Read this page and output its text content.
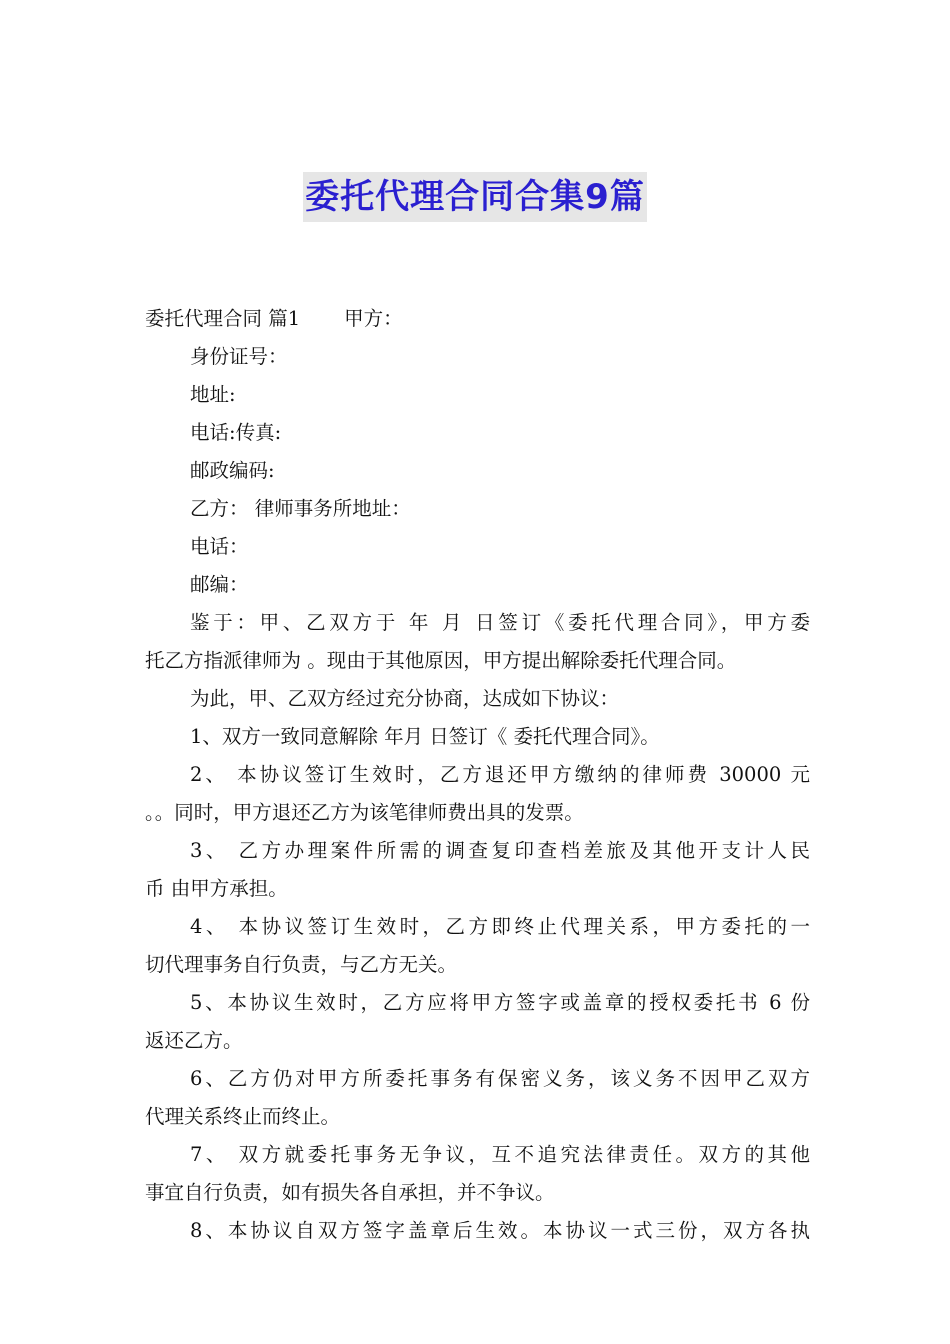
委托代理合同合集9篇
委托代理合同 篇1 甲方：
身份证号：
地址:
电话:传真:
邮政编码:
乙方： 律师事务所地址：
电话：
邮编：
鉴于：甲、乙双方于 年 月 日签订《委托代理合同》，甲方委
托乙方指派律师为 。现由于其他原因，甲方提出解除委托代理合同。
为此，甲、乙双方经过充分协商，达成如下协议：
1、双方一致同意解除 年月 日签订《 委托代理合同》。
2、 本协议签订生效时，乙方退还甲方缴纳的律师费 30000 元
。。同时，甲方退还乙方为该笔律师费出具的发票。
3、 乙方办理案件所需的调查复印查档差旅及其他开支计人民
币 由甲方承担。
4、 本协议签订生效时，乙方即终止代理关系，甲方委托的一
切代理事务自行负责，与乙方无关。
5、本协议生效时，乙方应将甲方签字或盖章的授权委托书 6 份
返还乙方。
6、乙方仍对甲方所委托事务有保密义务，该义务不因甲乙双方
代理关系终止而终止。
7、 双方就委托事务无争议，互不追究法律责任。双方的其他
事宜自行负责，如有损失各自承担，并不争议。
8、本协议自双方签字盖章后生效。本协议一式三份，双方各执
